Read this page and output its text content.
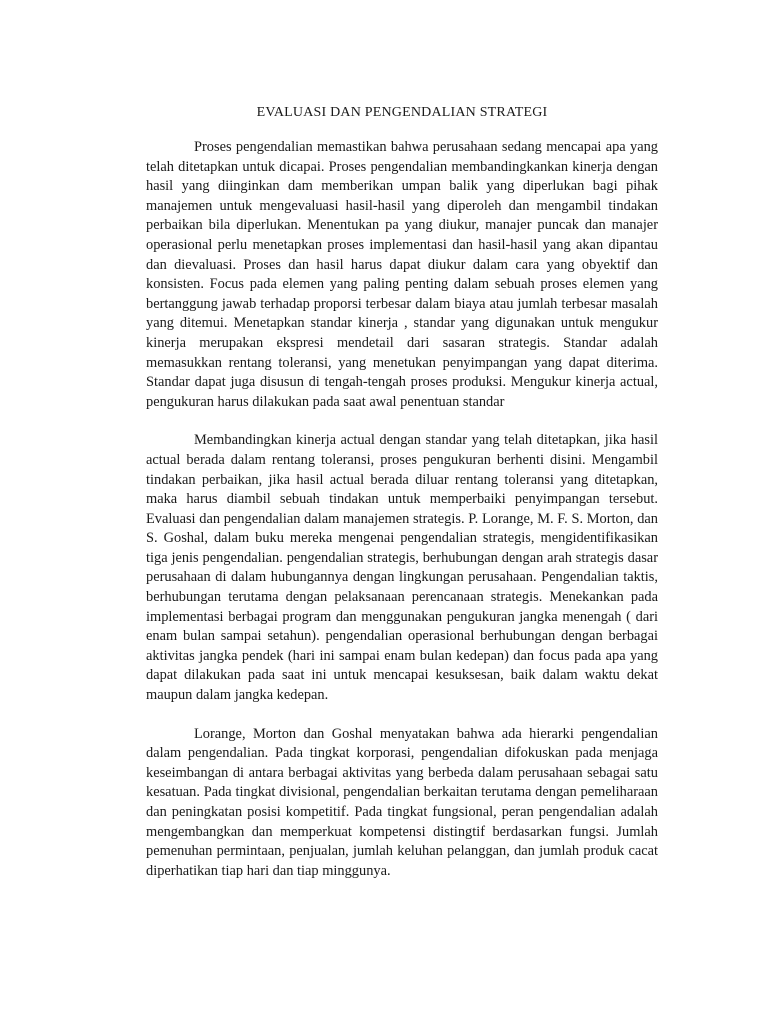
EVALUASI DAN PENGENDALIAN STRATEGI

Proses pengendalian memastikan bahwa perusahaan sedang mencapai apa yang telah ditetapkan untuk dicapai. Proses pengendalian membandingkankan kinerja dengan hasil yang diinginkan dam memberikan umpan balik yang diperlukan bagi pihak manajemen untuk mengevaluasi hasil-hasil yang diperoleh dan mengambil tindakan perbaikan bila diperlukan. Menentukan pa yang diukur, manajer puncak dan manajer operasional perlu menetapkan proses implementasi dan hasil-hasil yang akan dipantau dan dievaluasi. Proses dan hasil harus dapat diukur dalam cara yang obyektif dan konsisten. Focus pada elemen yang paling penting dalam sebuah proses elemen yang bertanggung jawab terhadap proporsi terbesar dalam biaya atau jumlah terbesar masalah yang ditemui. Menetapkan standar kinerja , standar yang digunakan untuk mengukur kinerja merupakan ekspresi mendetail dari sasaran strategis. Standar adalah memasukkan rentang toleransi, yang menetukan penyimpangan yang dapat diterima. Standar dapat juga disusun di tengah-tengah proses produksi. Mengukur kinerja actual, pengukuran harus dilakukan pada saat awal penentuan standar

Membandingkan kinerja actual dengan standar yang telah ditetapkan, jika hasil actual berada dalam rentang toleransi, proses pengukuran berhenti disini. Mengambil tindakan perbaikan, jika hasil actual berada diluar rentang toleransi yang ditetapkan, maka harus diambil sebuah tindakan untuk memperbaiki penyimpangan tersebut. Evaluasi dan pengendalian dalam manajemen strategis. P. Lorange, M. F. S. Morton, dan S. Goshal, dalam buku mereka mengenai pengendalian strategis, mengidentifikasikan tiga jenis pengendalian. pengendalian strategis, berhubungan dengan arah strategis dasar perusahaan di dalam hubungannya dengan lingkungan perusahaan. Pengendalian taktis, berhubungan terutama dengan pelaksanaan perencanaan strategis. Menekankan pada implementasi berbagai program dan menggunakan pengukuran jangka menengah ( dari enam bulan sampai setahun). pengendalian operasional berhubungan dengan berbagai aktivitas jangka pendek (hari ini sampai enam bulan kedepan) dan focus pada apa yang dapat dilakukan pada saat ini untuk mencapai kesuksesan, baik dalam waktu dekat maupun dalam jangka kedepan.

Lorange, Morton dan Goshal menyatakan bahwa ada hierarki pengendalian dalam pengendalian. Pada tingkat korporasi, pengendalian difokuskan pada menjaga keseimbangan di antara berbagai aktivitas yang berbeda dalam perusahaan sebagai satu kesatuan. Pada tingkat divisional, pengendalian berkaitan terutama dengan pemeliharaan dan peningkatan posisi kompetitif. Pada tingkat fungsional, peran pengendalian adalah mengembangkan dan memperkuat kompetensi distingtif berdasarkan fungsi. Jumlah pemenuhan permintaan, penjualan, jumlah keluhan pelanggan, dan jumlah produk cacat diperhatikan tiap hari dan tiap minggunya.
